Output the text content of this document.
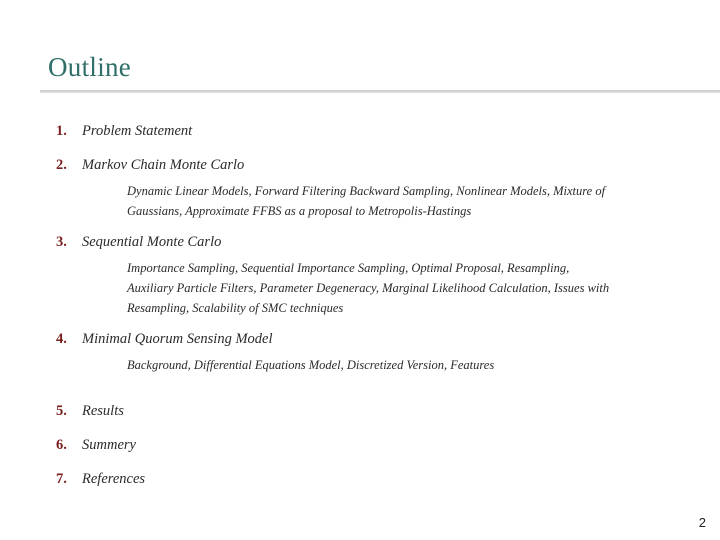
Outline
1. Problem Statement
2. Markov Chain Monte Carlo
Dynamic Linear Models, Forward Filtering Backward Sampling, Nonlinear Models, Mixture of Gaussians, Approximate FFBS as a proposal to Metropolis-Hastings
3. Sequential Monte Carlo
Importance Sampling, Sequential Importance Sampling, Optimal Proposal, Resampling, Auxiliary Particle Filters, Parameter Degeneracy, Marginal Likelihood Calculation, Issues with Resampling, Scalability of SMC techniques
4. Minimal Quorum Sensing Model
Background, Differential Equations Model, Discretized Version, Features
5. Results
6. Summery
7. References
2
